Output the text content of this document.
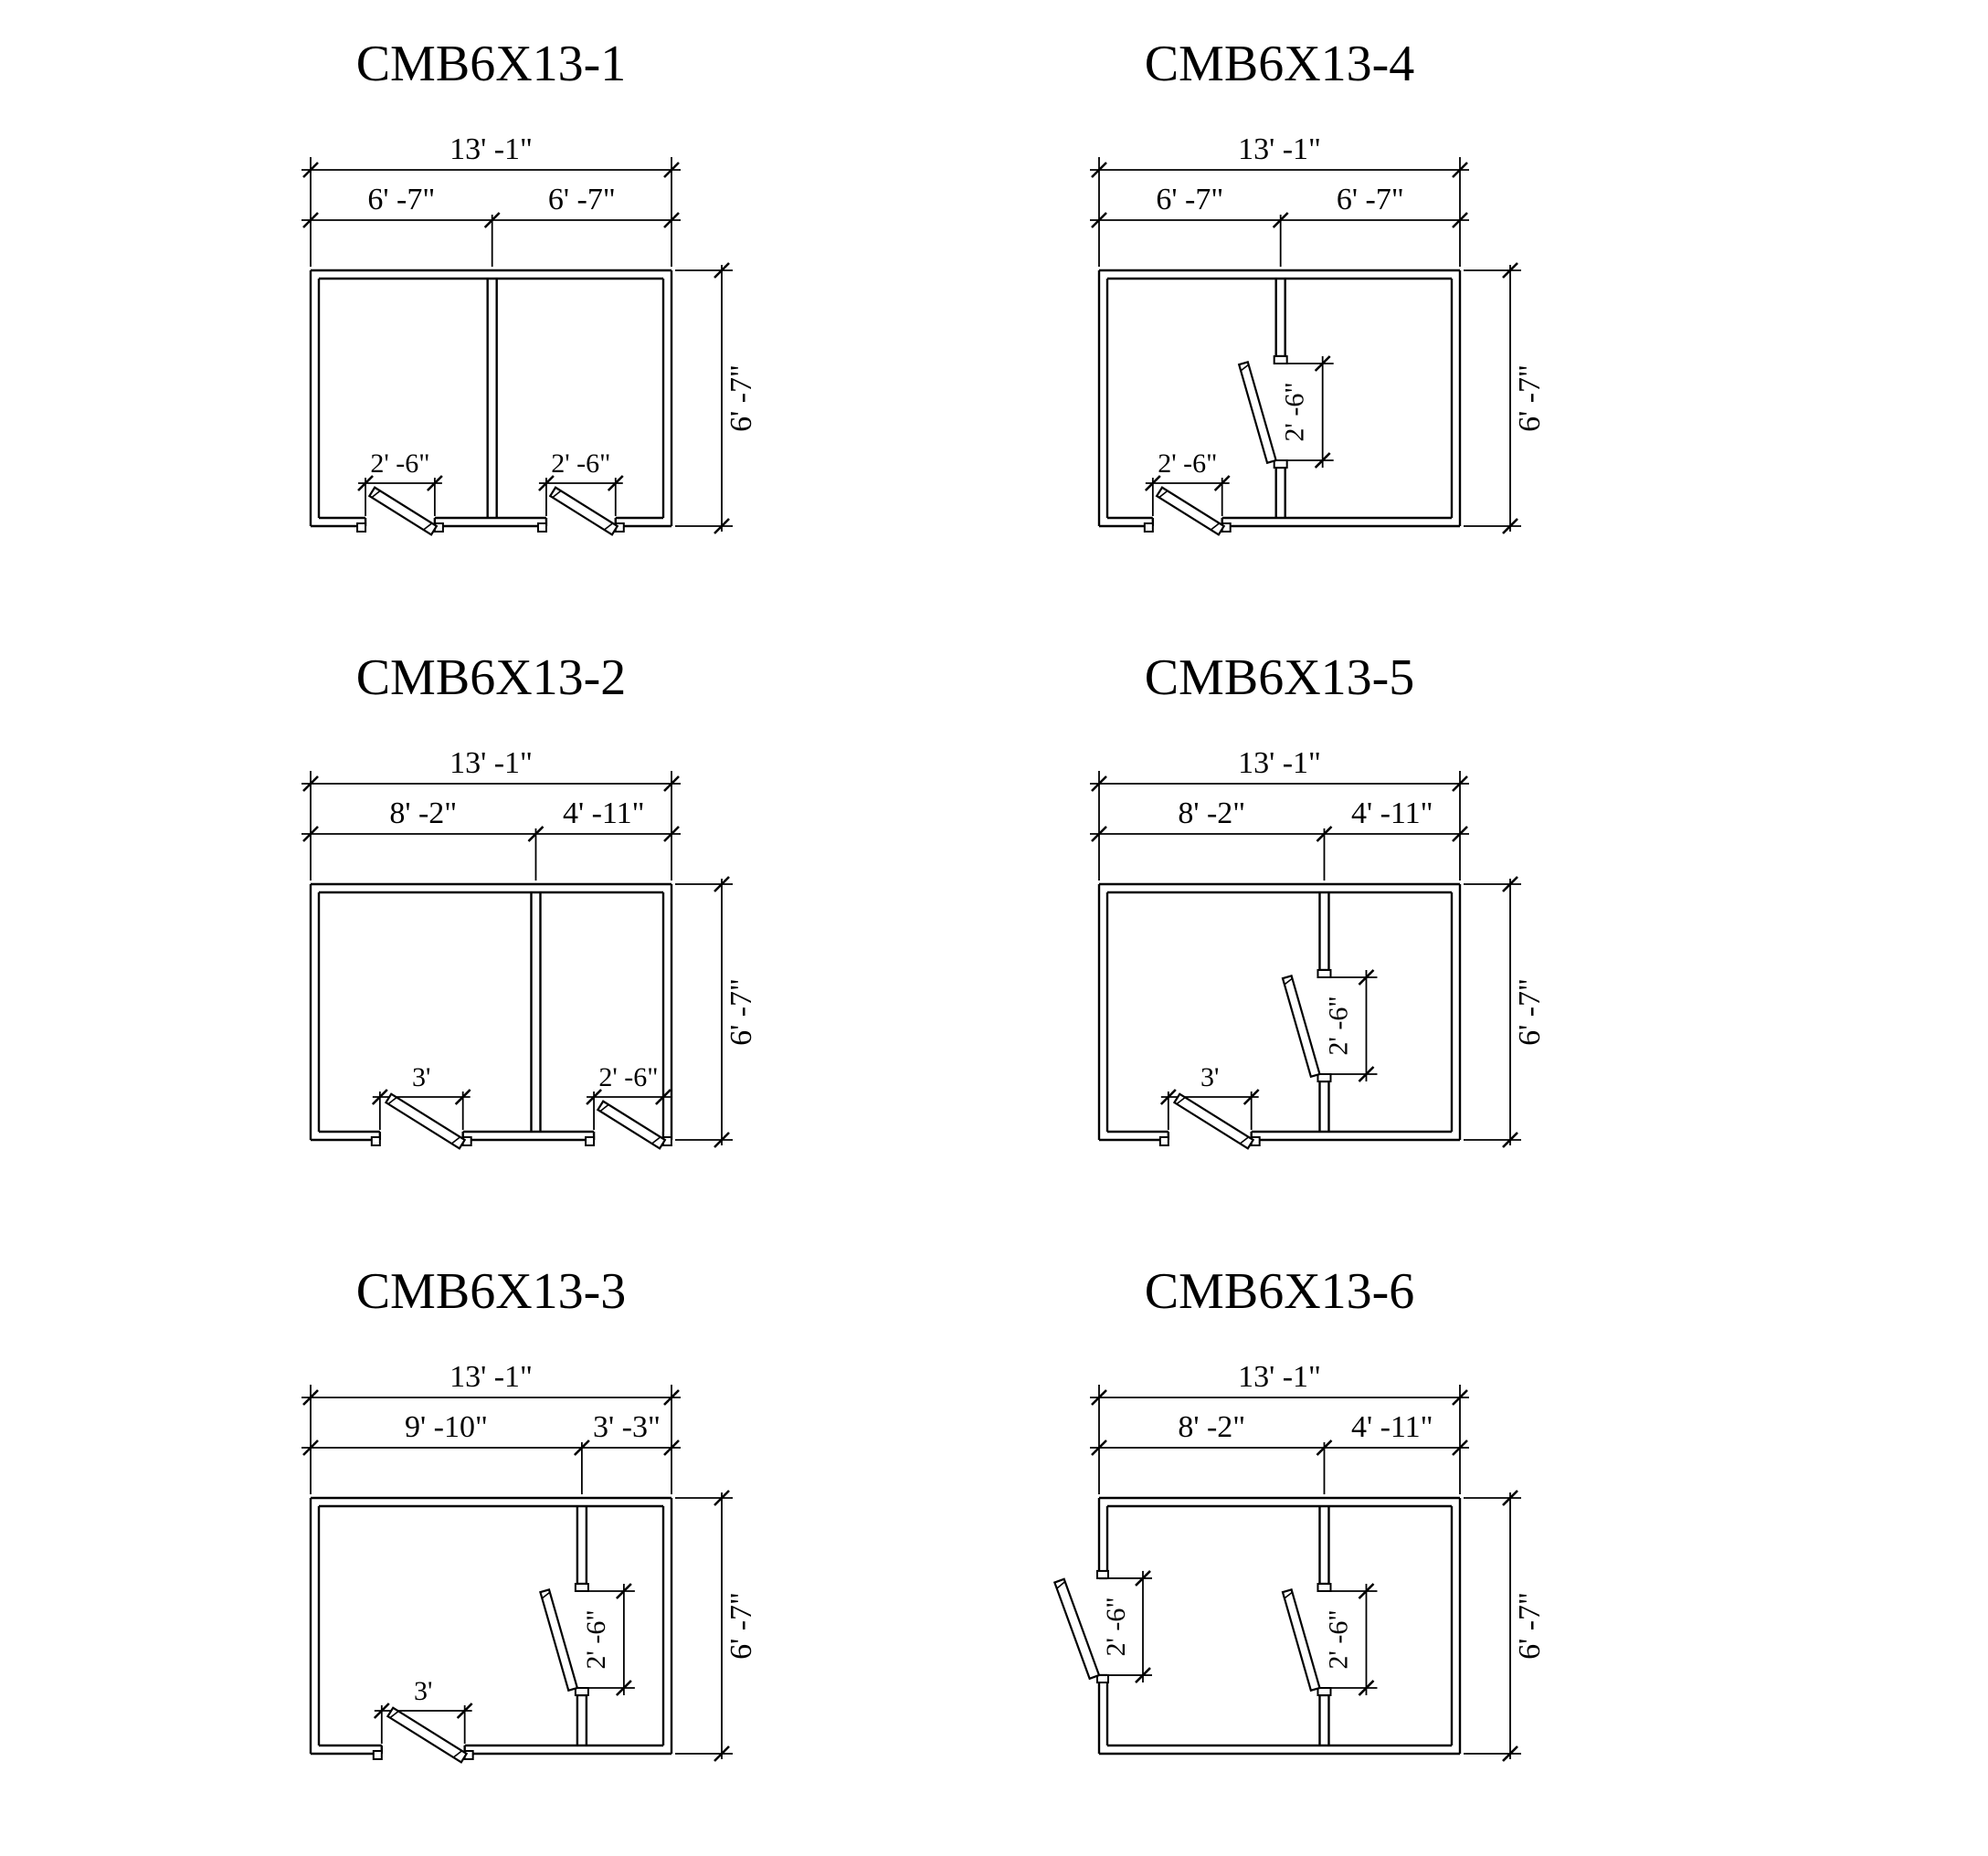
CMB6X13-1
13' -1"
6' -7"	6' -7"
6' -7"
2' -6"	2' -6"
CMB6X13-4
13' -1"
6' -7"	6' -7"
6' -7"
2' -6"
2' -6"
CMB6X13-2
13' -1"
8' -2"	4' -11"
6' -7"
3'	2' -6"
CMB6X13-5
13' -1"
8' -2"	4' -11"
6' -7"
2' -6"
3'
CMB6X13-3
13' -1"
9' -10"	3' -3"
6' -7"
2' -6"
3'
CMB6X13-6
13' -1"
8' -2"	4' -11"
6' -7"
2' -6"	2' -6"
